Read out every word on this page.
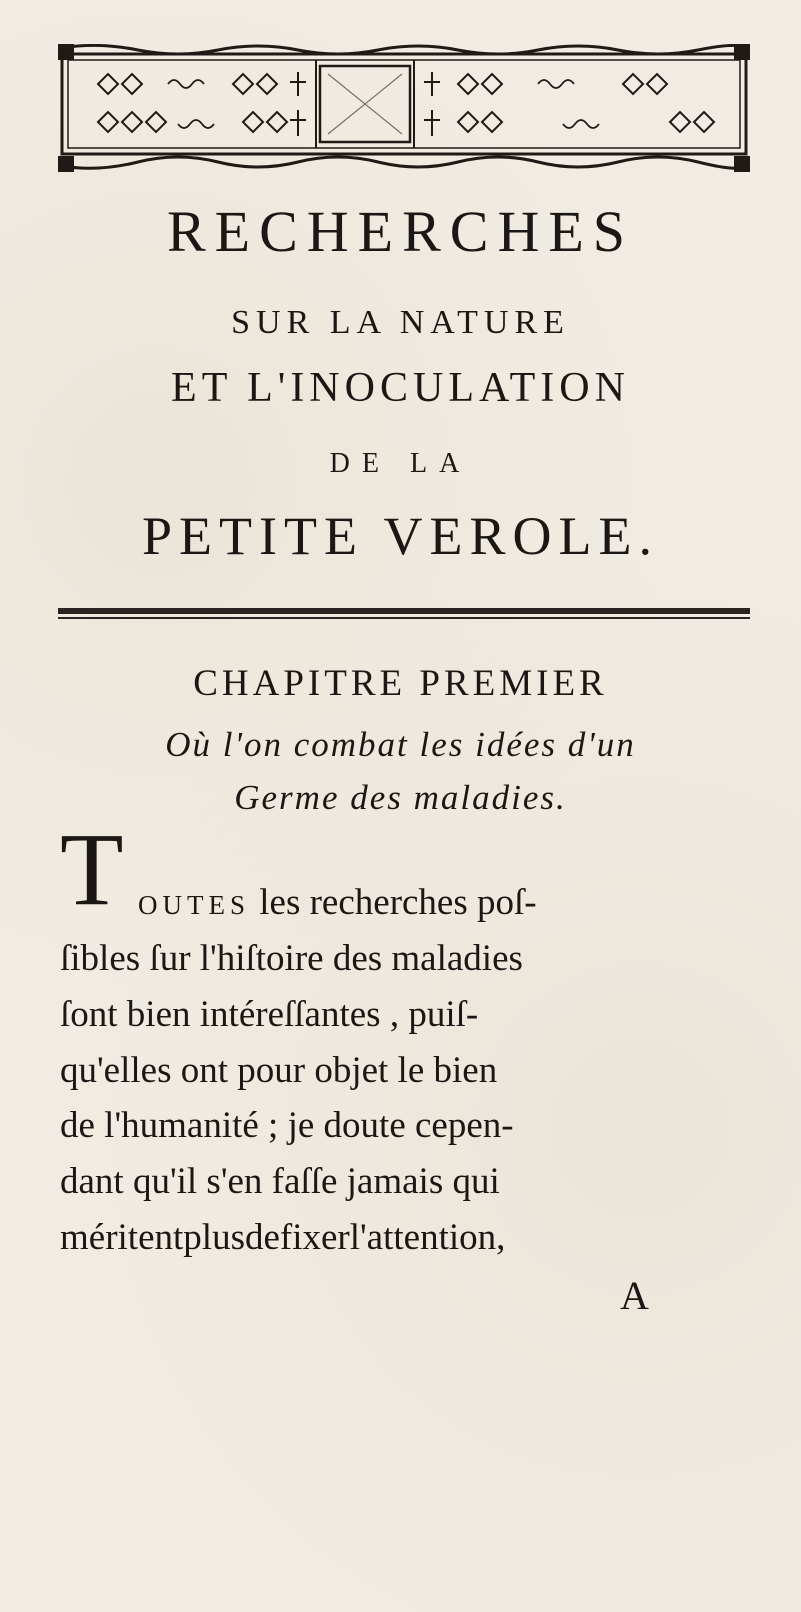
RECHERCHES
SUR LA NATURE
ET L'INOCULATION
DE LA
PETITE VEROLE.
CHAPITRE PREMIER
Où l'on combat les idées d'un
Germe des maladies.
T OUTES les recherches poſ-
ſibles ſur l'hiſtoire des maladies
ſont bien intéreſſantes , puiſ-
qu'elles ont pour objet le bien
de l'humanité ; je doute cepen-
dant qu'il s'en faſſe jamais qui
méritentplusdefixerl'attention,
A
